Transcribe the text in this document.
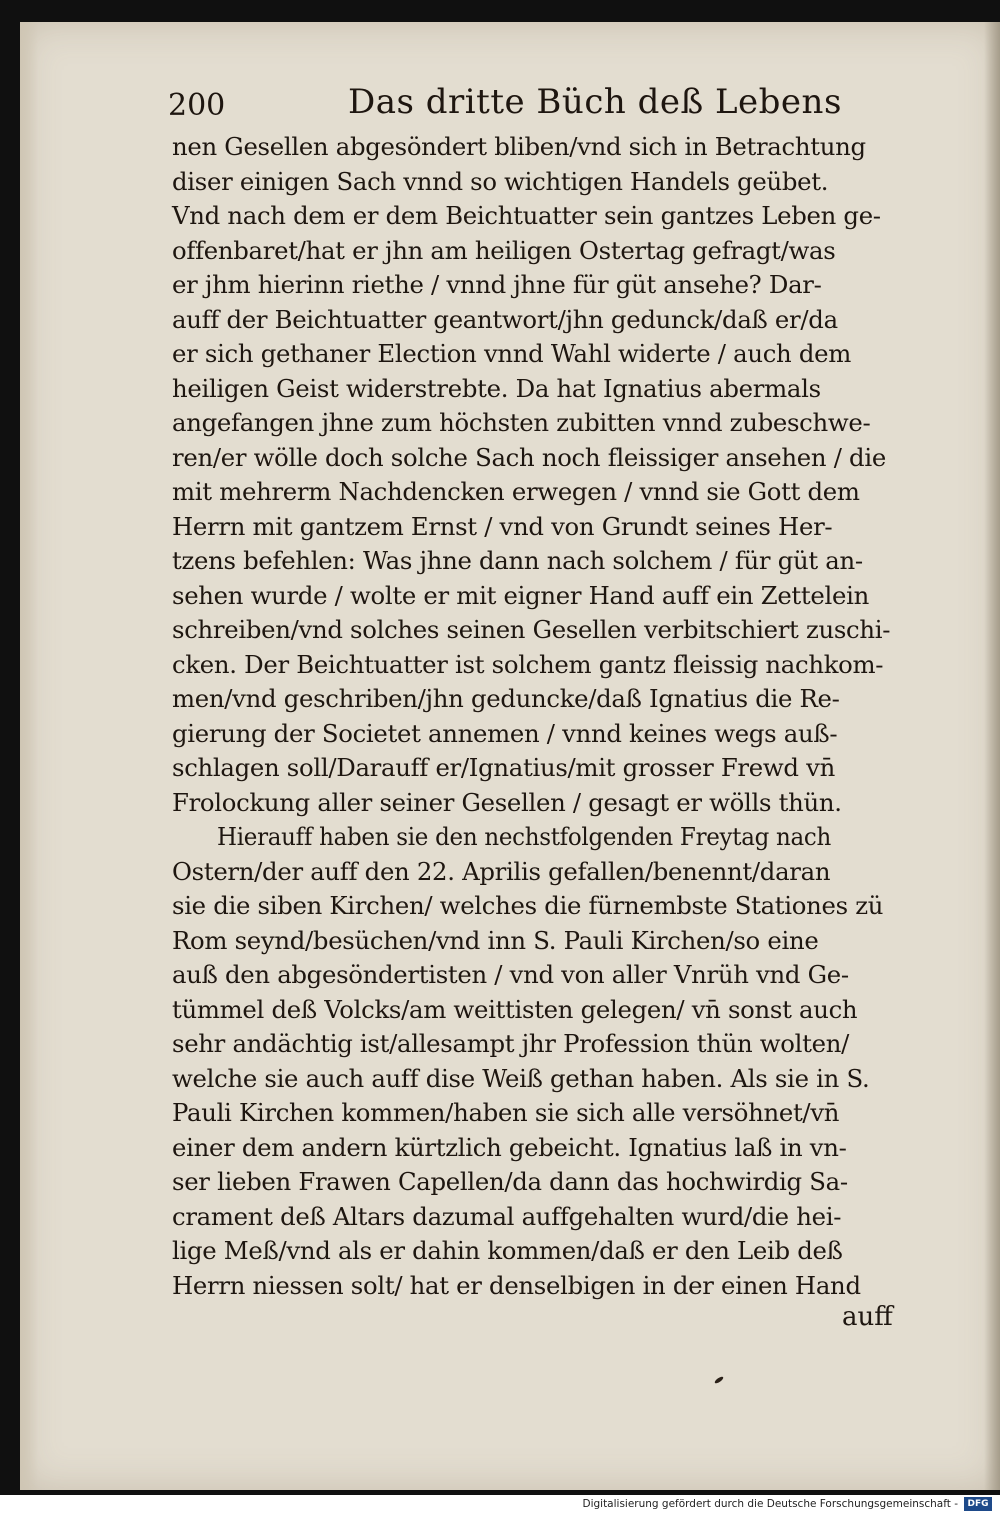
200	Das dritte Büch deß Lebens
nen Gesellen abgesöndert bliben/vnd sich in Betrachtung
diser einigen Sach vnnd so wichtigen Handels geübet.
Vnd nach dem er dem Beichtuatter sein gantzes Leben ge-
offenbaret/hat er jhn am heiligen Ostertag gefragt/was
er jhm hierinn riethe / vnnd jhne für güt ansehe? Dar-
auff der Beichtuatter geantwort/jhn gedunck/daß er/da
er sich gethaner Election vnnd Wahl widerte / auch dem
heiligen Geist widerstrebte. Da hat Ignatius abermals
angefangen jhne zum höchsten zubitten vnnd zubeschwe-
ren/er wölle doch solche Sach noch fleissiger ansehen / die
mit mehrerm Nachdencken erwegen / vnnd sie Gott dem
Herrn mit gantzem Ernst / vnd von Grundt seines Her-
tzens befehlen: Was jhne dann nach solchem / für güt an-
sehen wurde / wolte er mit eigner Hand auff ein Zettelein
schreiben/vnd solches seinen Gesellen verbitschiert zuschi-
cken. Der Beichtuatter ist solchem gantz fleissig nachkom-
men/vnd geschriben/jhn geduncke/daß Ignatius die Re-
gierung der Societet annemen / vnnd keines wegs auß-
schlagen soll/Darauff er/Ignatius/mit grosser Frewd vn̄
Frolockung aller seiner Gesellen / gesagt er wölls thün.
Hierauff haben sie den nechstfolgenden Freytag nach
Ostern/der auff den 22. Aprilis gefallen/benennt/daran
sie die siben Kirchen/ welches die fürnembste Stationes zü
Rom seynd/besüchen/vnd inn S. Pauli Kirchen/so eine
auß den abgesöndertisten / vnd von aller Vnrüh vnd Ge-
tümmel deß Volcks/am weittisten gelegen/ vn̄ sonst auch
sehr andächtig ist/allesampt jhr Profession thün wolten/
welche sie auch auff dise Weiß gethan haben. Als sie in S.
Pauli Kirchen kommen/haben sie sich alle versöhnet/vn̄
einer dem andern kürtzlich gebeicht. Ignatius laß in vn-
ser lieben Frawen Capellen/da dann das hochwirdig Sa-
crament deß Altars dazumal auffgehalten wurd/die hei-
lige Meß/vnd als er dahin kommen/daß er den Leib deß
Herrn niessen solt/ hat er denselbigen in der einen Hand
auff
Digitalisierung gefördert durch die Deutsche Forschungsgemeinschaft -	DFG
